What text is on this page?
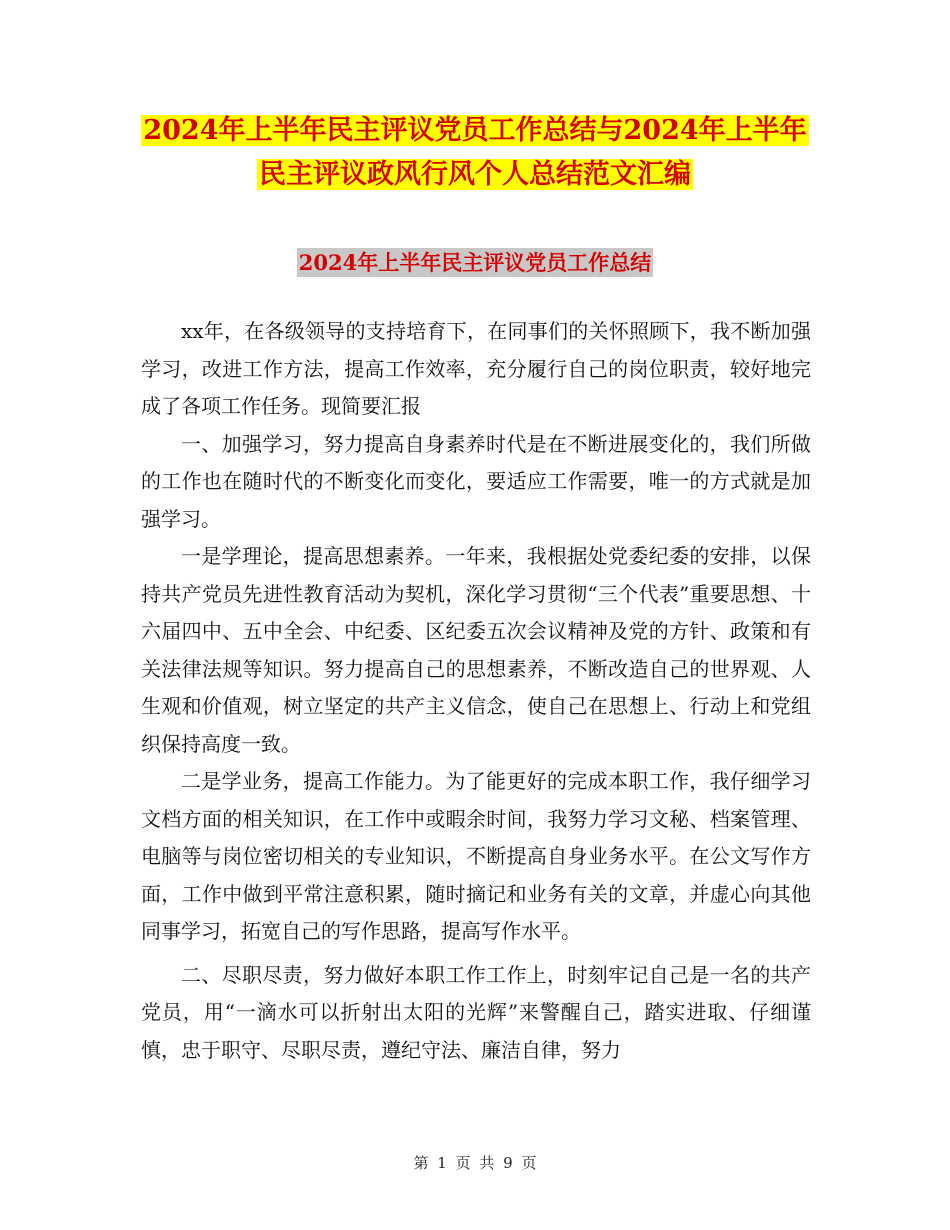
2024年上半年民主评议党员工作总结与2024年上半年
民主评议政风行风个人总结范文汇编
2024年上半年民主评议党员工作总结

xx年，在各级领导的支持培育下，在同事们的关怀照顾下，我不断加强学习，改进工作方法，提高工作效率，充分履行自己的岗位职责，较好地完成了各项工作任务。现简要汇报

一、加强学习，努力提高自身素养时代是在不断进展变化的，我们所做的工作也在随时代的不断变化而变化，要适应工作需要，唯一的方式就是加强学习。

一是学理论，提高思想素养。一年来，我根据处党委纪委的安排，以保持共产党员先进性教育活动为契机，深化学习贯彻“三个代表”重要思想、十六届四中、五中全会、中纪委、区纪委五次会议精神及党的方针、政策和有关法律法规等知识。努力提高自己的思想素养，不断改造自己的世界观、人生观和价值观，树立坚定的共产主义信念，使自己在思想上、行动上和党组织保持高度一致。

二是学业务，提高工作能力。为了能更好的完成本职工作，我仔细学习文档方面的相关知识，在工作中或暇余时间，我努力学习文秘、档案管理、电脑等与岗位密切相关的专业知识，不断提高自身业务水平。在公文写作方面，工作中做到平常注意积累，随时摘记和业务有关的文章，并虚心向其他同事学习，拓宽自己的写作思路，提高写作水平。

二、尽职尽责，努力做好本职工作工作上，时刻牢记自己是一名的共产党员，用“一滴水可以折射出太阳的光辉”来警醒自己，踏实进取、仔细谨慎，忠于职守、尽职尽责，遵纪守法、廉洁自律，努力

第 1 页 共 9 页
